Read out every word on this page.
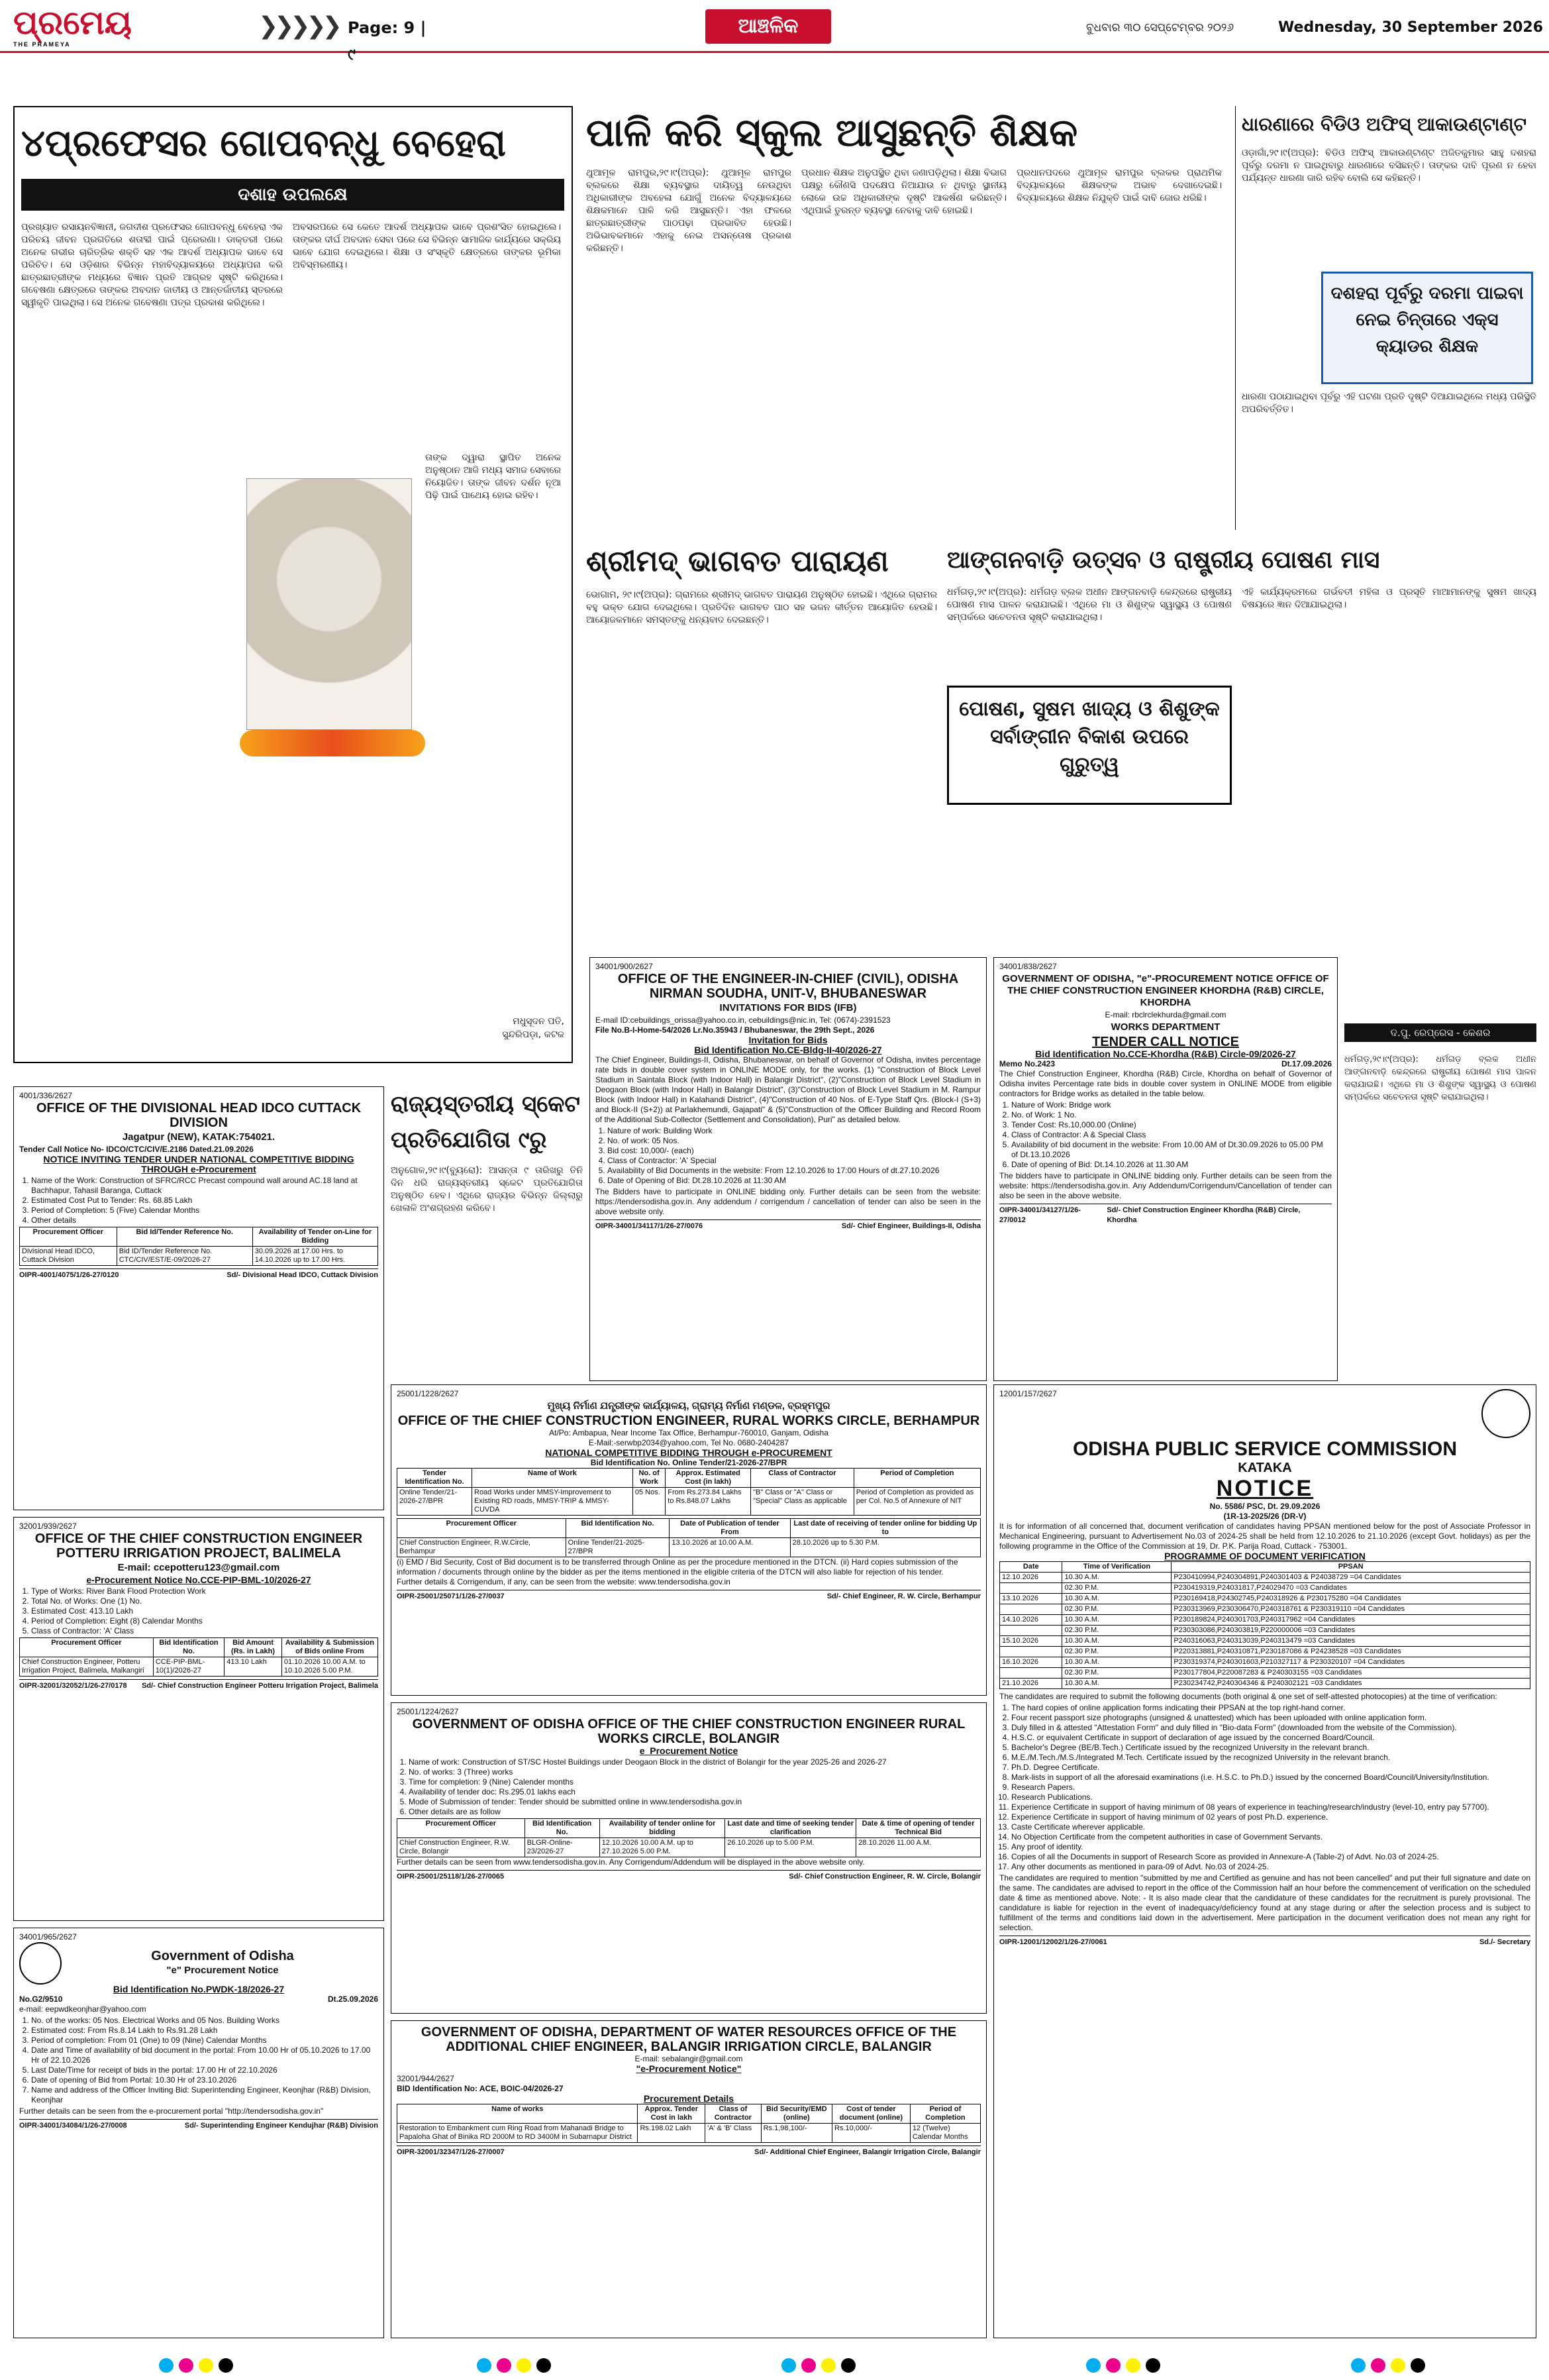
ପ୍ରମେୟ
THE PRAMEYA
❯❯❯❯❯ Page: 9 | ୯
ଆଞ୍ଚଳିକ	ବୁଧବାର ୩୦ ସେପ୍ଟେମ୍ବର ୨୦୨୬	Wednesday, 30 September 2026
୪ପ୍ରଫେସର ଗୋପବନ୍ଧୁ ବେହେରା
ଦଶାହ ଉପଲକ୍ଷେ
ପ୍ରଖ୍ୟାତ ରସାୟନବିଜ୍ଞାନୀ, ଜଗଦୀଶ ପ୍ରଫେସର ଗୋପବନ୍ଧୁ ବେହେରା ଏକ ପରିଚୟ ଜୀବନ ପ୍ରଗତିରେ ଶତାବ୍ଦୀ ପାଇଁ ପ୍ରେରଣା। ଡାକ୍ତରୀ ପରେ ଅନେକ ଗଭୀର ଚାରିତ୍ରିକ ଶକ୍ତି ସହ ଏକ ଆଦର୍ଶ ଅଧ୍ୟାପକ ଭାବେ ସେ ପରିଚିତ। ସେ ଓଡ଼ିଶାର ବିଭିନ୍ନ ମହାବିଦ୍ୟାଳୟରେ ଅଧ୍ୟାପନା କରି ଛାତ୍ରଛାତ୍ରୀଙ୍କ ମଧ୍ୟରେ ବିଜ୍ଞାନ ପ୍ରତି ଆଗ୍ରହ ସୃଷ୍ଟି କରିଥିଲେ। ଗବେଷଣା କ୍ଷେତ୍ରରେ ତାଙ୍କର ଅବଦାନ ଜାତୀୟ ଓ ଆନ୍ତର୍ଜାତୀୟ ସ୍ତରରେ ସ୍ୱୀକୃତି ପାଇଥିଲା। ସେ ଅନେକ ଗବେଷଣା ପତ୍ର ପ୍ରକାଶ କରିଥିଲେ।
ଅବସରପରେ ସେ କେତେ ଆଦର୍ଶ ଅଧ୍ୟାପକ ଭାବେ ପ୍ରଶଂସିତ ହୋଇଥିଲେ। ତାଙ୍କର ଦୀର୍ଘ ଅବଦାନ ସେବା ପରେ ସେ ବିଭିନ୍ନ ସାମାଜିକ କାର୍ଯ୍ୟରେ ସକ୍ରିୟ ଭାବେ ଯୋଗ ଦେଇଥିଲେ। ଶିକ୍ଷା ଓ ସଂସ୍କୃତି କ୍ଷେତ୍ରରେ ତାଙ୍କର ଭୂମିକା ଅବିସ୍ମରଣୀୟ।
ତାଙ୍କ ଦ୍ୱାରା ସ୍ଥାପିତ ଅନେକ ଅନୁଷ୍ଠାନ ଆଜି ମଧ୍ୟ ସମାଜ ସେବାରେ ନିୟୋଜିତ। ତାଙ୍କ ଜୀବନ ଦର୍ଶନ ନୂଆ ପିଢ଼ି ପାଇଁ ପାଥେୟ ହୋଇ ରହିବ।
ମଧୁସୂଦନ ପତି,
ସୁନ୍ଦରିପଡ଼ା, କଟକ
ପାଳି କରି ସ୍କୁଲ ଆସୁଛନ୍ତି ଶିକ୍ଷକ
ଥୁଆମୂଳ ରାମପୁର,୨୯।୯(ଅପ୍ର): ଥୁଆମୂଳ ରାମପୁର ବ୍ଲକରେ ଶିକ୍ଷା ବ୍ୟବସ୍ଥାର ଦାୟିତ୍ୱ ନେଉଥିବା ଅଧିକାରୀଙ୍କ ଅବହେଳା ଯୋଗୁଁ ଅନେକ ବିଦ୍ୟାଳୟରେ ଶିକ୍ଷକମାନେ ପାଳି କରି ଆସୁଛନ୍ତି। ଏହା ଫଳରେ ଛାତ୍ରଛାତ୍ରୀଙ୍କ ପାଠପଢ଼ା ପ୍ରଭାବିତ ହେଉଛି। ଅଭିଭାବକମାନେ ଏହାକୁ ନେଇ ଅସନ୍ତୋଷ ପ୍ରକାଶ କରିଛନ୍ତି।
ପ୍ରଧାନ ଶିକ୍ଷକ ଅନୁପସ୍ଥିତ ଥିବା ଜଣାପଡ଼ିଥିଲା। ଶିକ୍ଷା ବିଭାଗ ପକ୍ଷରୁ କୌଣସି ପଦକ୍ଷେପ ନିଆଯାଉ ନ ଥିବାରୁ ସ୍ଥାନୀୟ ଲୋକେ ଉଚ୍ଚ ଅଧିକାରୀଙ୍କ ଦୃଷ୍ଟି ଆକର୍ଷଣ କରିଛନ୍ତି। ଏଥିପାଇଁ ତୁରନ୍ତ ବ୍ୟବସ୍ଥା ନେବାକୁ ଦାବି ହୋଇଛି।
ପ୍ରଧାନପଦରେ ଥୁଆମୂଳ ରାମପୁର ବ୍ଲକର ପ୍ରାଥମିକ ବିଦ୍ୟାଳୟରେ ଶିକ୍ଷକଙ୍କ ଅଭାବ ଦେଖାଦେଇଛି। ବିଦ୍ୟାଳୟରେ ଶିକ୍ଷକ ନିଯୁକ୍ତି ପାଇଁ ଦାବି ଜୋର ଧରିଛି।
ଧାରଣାରେ ବିଡିଓ ଅଫିସ୍ ଆକାଉଣ୍ଟାଣ୍ଟ
ଓଡ଼ାଗାଁ,୨୯।୯(ଅପ୍ର): ବିଡିଓ ଅଫିସ୍ ଆକାଉଣ୍ଟାଣ୍ଟ ଅଜିତକୁମାର ସାହୁ ଦଶହରା ପୂର୍ବରୁ ଦରମା ନ ପାଇଥିବାରୁ ଧାରଣାରେ ବସିଛନ୍ତି। ତାଙ୍କର ଦାବି ପୂରଣ ନ ହେବା ପର୍ଯ୍ୟନ୍ତ ଧାରଣା ଜାରି ରହିବ ବୋଲି ସେ କହିଛନ୍ତି।
ଦଶହରା ପୂର୍ବରୁ ଦରମା ପାଇବା ନେଇ ଚିନ୍ତାରେ ଏକ୍ସ କ୍ୟାଡର ଶିକ୍ଷକ
ଧାରଣା ପଠାଯାଇଥିବା ପୂର୍ବରୁ ଏହି ଘଟଣା ପ୍ରତି ଦୃଷ୍ଟି ଦିଆଯାଇଥିଲେ ମଧ୍ୟ ପରିସ୍ଥିତି ଅପରିବର୍ତ୍ତିତ।
ଶ୍ରୀମଦ୍ ଭାଗବତ ପାରାୟଣ
ଭୋଗାମ, ୨୯।୯(ଅପ୍ର): ଗ୍ରାମରେ ଶ୍ରୀମଦ୍ ଭାଗବତ ପାରାୟଣ ଅନୁଷ୍ଠିତ ହୋଇଛି। ଏଥିରେ ଗ୍ରାମର ବହୁ ଭକ୍ତ ଯୋଗ ଦେଇଥିଲେ। ପ୍ରତିଦିନ ଭାଗବତ ପାଠ ସହ ଭଜନ କୀର୍ତ୍ତନ ଆୟୋଜିତ ହେଉଛି। ଆୟୋଜକମାନେ ସମସ୍ତଙ୍କୁ ଧନ୍ୟବାଦ ଦେଇଛନ୍ତି।
ଆଙ୍ଗନବାଡ଼ି ଉତ୍ସବ ଓ ରାଷ୍ଟ୍ରୀୟ ପୋଷଣ ମାସ
ଧର୍ମଗଡ଼,୨୯।୯(ଅପ୍ର): ଧର୍ମଗଡ଼ ବ୍ଲକ ଅଧୀନ ଆଙ୍ଗନବାଡ଼ି କେନ୍ଦ୍ରରେ ରାଷ୍ଟ୍ରୀୟ ପୋଷଣ ମାସ ପାଳନ କରାଯାଇଛି। ଏଥିରେ ମା ଓ ଶିଶୁଙ୍କ ସ୍ୱାସ୍ଥ୍ୟ ଓ ପୋଷଣ ସମ୍ପର୍କରେ ସଚେତନତା ସୃଷ୍ଟି କରାଯାଇଥିଲା।
ପୋଷଣ, ସୁଷମ ଖାଦ୍ୟ ଓ ଶିଶୁଙ୍କ ସର୍ବାଙ୍ଗୀନ ବିକାଶ ଉପରେ ଗୁରୁତ୍ୱ
ଏହି କାର୍ଯ୍ୟକ୍ରମରେ ଗର୍ଭବତୀ ମହିଳା ଓ ପ୍ରସୂତି ମାଆମାନଙ୍କୁ ସୁଷମ ଖାଦ୍ୟ ବିଷୟରେ ଜ୍ଞାନ ଦିଆଯାଇଥିଲା।
ଦ.ପୁ. ରେପ୍ରେସ - କେଶର
ରାଜ୍ୟସ୍ତରୀୟ ସ୍କେଟ ପ୍ରତିଯୋଗିତା ୯ରୁ
ଅନୁଗୋଳ,୨୯।୯(ବ୍ୟୁରୋ): ଆସନ୍ତା ୯ ତାରିଖରୁ ତିନି ଦିନ ଧରି ରାଜ୍ୟସ୍ତରୀୟ ସ୍କେଟ ପ୍ରତିଯୋଗିତା ଅନୁଷ୍ଠିତ ହେବ। ଏଥିରେ ରାଜ୍ୟର ବିଭିନ୍ନ ଜିଲ୍ଲାରୁ ଖେଳାଳି ଅଂଶଗ୍ରହଣ କରିବେ।
4001/336/2627
OFFICE OF THE DIVISIONAL HEAD IDCO CUTTACK DIVISION
Jagatpur (NEW), KATAK:754021.
Tender Call Notice No- IDCO/CTC/CIV/E.2186 Dated.21.09.2026
NOTICE INVITING TENDER UNDER NATIONAL COMPETITIVE BIDDING THROUGH e-Procurement
1. Name of the Work: Construction of SFRC/RCC Precast compound wall around AC.18 land at Bachhapur, Tahasil Baranga, Cuttack
2. Estimated Cost Put to Tender: Rs. 68.85 Lakh
3. Period of Completion: 5 (Five) Calendar Months
4. Other details
Procurement Officer	Bid Id/Tender Reference No.	Availability of Tender on-Line for Bidding
Divisional Head IDCO, Cuttack Division	Bid ID/Tender Reference No. CTC/CIV/EST/E-09/2026-27	30.09.2026 at 17.00 Hrs. to 14.10.2026 up to 17.00 Hrs.
OIPR-4001/4075/1/26-27/0120	Sd/- Divisional Head IDCO, Cuttack Division
32001/939/2627
OFFICE OF THE CHIEF CONSTRUCTION ENGINEER POTTERU IRRIGATION PROJECT, BALIMELA
E-mail: ccepotteru123@gmail.com
e-Procurement Notice No.CCE-PIP-BML-10/2026-27
1. Type of Works: River Bank Flood Protection Work
2. Total No. of Works: One (1) No.
3. Estimated Cost: 413.10 Lakh
4. Period of Completion: Eight (8) Calendar Months
5. Class of Contractor: 'A' Class
Procurement Officer	Bid Identification No.	Bid Amount (Rs. in Lakh)	Availability & Submission of Bids online From
Chief Construction Engineer, Potteru Irrigation Project, Balimela, Malkangiri	CCE-PIP-BML-10(1)/2026-27	413.10 Lakh	01.10.2026 10.00 A.M. to 10.10.2026 5.00 P.M.
OIPR-32001/32052/1/26-27/0178 Sd/- Chief Construction Engineer Potteru Irrigation Project, Balimela
34001/965/2627
Government of Odisha
"e" Procurement Notice
Bid Identification No.PWDK-18/2026-27
No.G2/9510	Dt.25.09.2026
e-mail: eepwdkeonjhar@yahoo.com
1. No. of the works: 05 Nos. Electrical Works and 05 Nos. Building Works
2. Estimated cost: From Rs.8.14 Lakh to Rs.91.28 Lakh
3. Period of completion: From 01 (One) to 09 (Nine) Calendar Months
4. Date and Time of availability of bid document in the portal: From 10.00 Hr of 05.10.2026 to 17.00 Hr of 22.10.2026
5. Last Date/Time for receipt of bids in the portal: 17.00 Hr of 22.10.2026
6. Date of opening of Bid from Portal: 10.30 Hr of 23.10.2026
7. Name and address of the Officer Inviting Bid: Superintending Engineer, Keonjhar (R&B) Division, Keonjhar
Further details can be seen from the e-procurement portal "http://tendersodisha.gov.in"
OIPR-34001/34084/1/26-27/0008	Sd/- Superintending Engineer Kendujhar (R&B) Division
34001/900/2627
OFFICE OF THE ENGINEER-IN-CHIEF (CIVIL), ODISHA NIRMAN SOUDHA, UNIT-V, BHUBANESWAR
INVITATIONS FOR BIDS (IFB)
E-mail ID:cebuildings_orissa@yahoo.co.in, cebuildings@nic.in, Tel: (0674)-2391523
File No.B-I-Home-54/2026 Lr.No.35943 / Bhubaneswar, the 29th Sept., 2026
Invitation for Bids
Bid Identification No.CE-Bldg-II-40/2026-27
The Chief Engineer, Buildings-II, Odisha, Bhubaneswar, on behalf of Governor of Odisha, invites percentage rate bids in double cover system in ONLINE MODE only, for the works. (1) "Construction of Block Level Stadium in Saintala Block (with Indoor Hall) in Balangir District", (2)"Construction of Block Level Stadium in Deogaon Block (with Indoor Hall) in Balangir District", (3)"Construction of Block Level Stadium in M. Rampur Block (with Indoor Hall) in Kalahandi District", (4)"Construction of 40 Nos. of E-Type Staff Qrs. (Block-I (S+3) and Block-II (S+2)) at Parlakhemundi, Gajapati" & (5)"Construction of the Officer Building and Record Room of the Additional Sub-Collector (Settlement and Consolidation), Puri" as detailed below.
1. Nature of work: Building Work
2. No. of work: 05 Nos.
3. Bid cost: 10,000/- (each)
4. Class of Contractor: 'A' Special
5. Availability of Bid Documents in the website: From 12.10.2026 to 17:00 Hours of dt.27.10.2026
6. Date of Opening of Bid: Dt.28.10.2026 at 11:30 AM
The Bidders have to participate in ONLINE bidding only. Further details can be seen from the website: https://tendersodisha.gov.in. Any addendum / corrigendum / cancellation of tender can also be seen in the above website only.
OIPR-34001/34117/1/26-27/0076	Sd/- Chief Engineer, Buildings-II, Odisha
34001/838/2627
GOVERNMENT OF ODISHA, "e"-PROCUREMENT NOTICE OFFICE OF THE CHIEF CONSTRUCTION ENGINEER KHORDHA (R&B) CIRCLE, KHORDHA
E-mail: rbclrclekhurda@gmail.com
WORKS DEPARTMENT
TENDER CALL NOTICE
Bid Identification No.CCE-Khordha (R&B) Circle-09/2026-27
Memo No.2423	Dt.17.09.2026
The Chief Construction Engineer, Khordha (R&B) Circle, Khordha on behalf of Governor of Odisha invites Percentage rate bids in double cover system in ONLINE MODE from eligible contractors for Bridge works as detailed in the table below.
1. Nature of Work: Bridge work
2. No. of Work: 1 No.
3. Tender Cost: Rs.10,000.00 (Online)
4. Class of Contractor: A & Special Class
5. Availability of bid document in the website: From 10.00 AM of Dt.30.09.2026 to 05.00 PM of Dt.13.10.2026
6. Date of opening of Bid: Dt.14.10.2026 at 11.30 AM
The bidders have to participate in ONLINE bidding only. Further details can be seen from the website: https://tendersodisha.gov.in. Any Addendum/Corrigendum/Cancellation of tender can also be seen in the above website.
OIPR-34001/34127/1/26-27/0012
Sd/- Chief Construction Engineer Khordha (R&B) Circle, Khordha
ଧର୍ମଗଡ଼,୨୯।୯(ଅପ୍ର): ଧର୍ମଗଡ଼ ବ୍ଲକ ଅଧୀନ ଆଙ୍ଗନବାଡ଼ି କେନ୍ଦ୍ରରେ ରାଷ୍ଟ୍ରୀୟ ପୋଷଣ ମାସ ପାଳନ କରାଯାଇଛି। ଏଥିରେ ମା ଓ ଶିଶୁଙ୍କ ସ୍ୱାସ୍ଥ୍ୟ ଓ ପୋଷଣ ସମ୍ପର୍କରେ ସଚେତନତା ସୃଷ୍ଟି କରାଯାଇଥିଲା।
25001/1228/2627
ମୁଖ୍ୟ ନିର୍ମାଣ ଯନ୍ତ୍ରୀଙ୍କ କାର୍ଯ୍ୟାଳୟ, ଗ୍ରାମ୍ୟ ନିର୍ମାଣ ମଣ୍ଡଳ, ବ୍ରହ୍ମପୁର
OFFICE OF THE CHIEF CONSTRUCTION ENGINEER, RURAL WORKS CIRCLE, BERHAMPUR
At/Po: Ambapua, Near Income Tax Office, Berhampur-760010, Ganjam, Odisha
E-Mail:-serwbp2034@yahoo.com, Tel No. 0680-2404287
NATIONAL COMPETITIVE BIDDING THROUGH e-PROCUREMENT
Bid Identification No. Online Tender/21-2026-27/BPR
Tender Identification No.	Name of Work	No. of Work	Approx. Estimated Cost (in lakh)	Class of Contractor	Period of Completion
Online Tender/21-2026-27/BPR	Road Works under MMSY-Improvement to Existing RD roads, MMSY-TRIP & MMSY-CUVDA	05 Nos.	From Rs.273.84 Lakhs to Rs.848.07 Lakhs	"B" Class or "A" Class or "Special" Class as applicable	Period of Completion as provided as per Col. No.5 of Annexure of NIT
Procurement Officer	Bid Identification No.	Date of Publication of tender From	Last date of receiving of tender online for bidding Up to
Chief Construction Engineer, R.W.Circle, Berhampur	Online Tender/21-2025-27/BPR	13.10.2026 at 10.00 A.M.	28.10.2026 up to 5.30 P.M.
(i) EMD / Bid Security, Cost of Bid document is to be transferred through Online as per the procedure mentioned in the DTCN. (ii) Hard copies submission of the information / documents through online by the bidder as per the items mentioned in the eligible criteria of the DTCN will also liable for rejection of his tender.
Further details & Corrigendum, if any, can be seen from the website: www.tendersodisha.gov.in
OIPR-25001/25071/1/26-27/0037	Sd/- Chief Engineer, R. W. Circle, Berhampur
25001/1224/2627
GOVERNMENT OF ODISHA OFFICE OF THE CHIEF CONSTRUCTION ENGINEER RURAL WORKS CIRCLE, BOLANGIR
e_Procurement Notice
1. Name of work: Construction of ST/SC Hostel Buildings under Deogaon Block in the district of Bolangir for the year 2025-26 and 2026-27
2. No. of works: 3 (Three) works
3. Time for completion: 9 (Nine) Calender months
4. Availability of tender doc: Rs.295.01 lakhs each
5. Mode of Submission of tender: Tender should be submitted online in www.tendersodisha.gov.in
6. Other details are as follow
Procurement Officer	Bid Identification No.	Availability of tender online for bidding	Last date and time of seeking tender clarification	Date & time of opening of tender Technical Bid
Chief Construction Engineer, R.W. Circle, Bolangir	BLGR-Online-23/2026-27	12.10.2026 10.00 A.M. up to 27.10.2026 5.00 P.M.	26.10.2026 up to 5.00 P.M.	28.10.2026 11.00 A.M.
Further details can be seen from www.tendersodisha.gov.in. Any Corrigendum/Addendum will be displayed in the above website only.
OIPR-25001/25118/1/26-27/0065	Sd/- Chief Construction Engineer, R. W. Circle, Bolangir
GOVERNMENT OF ODISHA, DEPARTMENT OF WATER RESOURCES OFFICE OF THE ADDITIONAL CHIEF ENGINEER, BALANGIR IRRIGATION CIRCLE, BALANGIR
E-mail: sebalangir@gmail.com
"e-Procurement Notice"
32001/944/2627
BID Identification No: ACE, BOIC-04/2026-27
Procurement Details
Name of works	Approx. Tender Cost in lakh	Class of Contractor	Bid Security/EMD (online)	Cost of tender document (online)	Period of Completion
Restoration to Embankment cum Ring Road from Mahanadi Bridge to Papaloha Ghat of Binika RD 2000M to RD 3400M in Subarnapur District	Rs.198.02 Lakh	'A' & 'B' Class	Rs.1,98,100/-	Rs.10,000/-	12 (Twelve) Calendar Months
OIPR-32001/32347/1/26-27/0007	Sd/- Additional Chief Engineer, Balangir Irrigation Circle, Balangir
12001/157/2627
ODISHA PUBLIC SERVICE COMMISSION
KATAKA
NOTICE
No. 5586/ PSC, Dt. 29.09.2026
(1R-13-2025/26 (DR-V)
It is for information of all concerned that, document verification of candidates having PPSAN mentioned below for the post of Associate Professor in Mechanical Engineering, pursuant to Advertisement No.03 of 2024-25 shall be held from 12.10.2026 to 21.10.2026 (except Govt. holidays) as per the following programme in the Office of the Commission at 19, Dr. P.K. Parija Road, Cuttack - 753001.
PROGRAMME OF DOCUMENT VERIFICATION
Date	Time of Verification	PPSAN
12.10.2026	10.30 A.M.	P230410994,P240304891,P240301403 & P24038729 =04 Candidates
	02.30 P.M.	P230419319,P24031817,P24029470 =03 Candidates
13.10.2026	10.30 A.M.	P230169418,P24302745,P240318926 & P230175280 =04 Candidates
	02.30 P.M.	P230313969,P230306470,P240318761 & P230319110 =04 Candidates
14.10.2026	10.30 A.M.	P230189824,P240301703,P240317962 =04 Candidates
	02.30 P.M.	P230303086,P240303819,P220000006 =03 Candidates
15.10.2026	10.30 A.M.	P240316063,P240313039,P240313479 =03 Candidates
	02.30 P.M.	P220313881,P240310871,P230187086 & P24238528 =03 Candidates
16.10.2026	10.30 A.M.	P230319374,P240301603,P210327117 & P230320107 =04 Candidates
	02.30 P.M.	P230177804,P220087283 & P240303155 =03 Candidates
21.10.2026	10.30 A.M.	P230234742,P240304346 & P240302121 =03 Candidates
The candidates are required to submit the following documents (both original & one set of self-attested photocopies) at the time of verification:
1. The hard copies of online application forms indicating their PPSAN at the top right-hand corner.
2. Four recent passport size photographs (unsigned & unattested) which has been uploaded with online application form.
3. Duly filled in & attested "Attestation Form" and duly filled in "Bio-data Form" (downloaded from the website of the Commission).
4. H.S.C. or equivalent Certificate in support of declaration of age issued by the concerned Board/Council.
5. Bachelor's Degree (BE/B.Tech.) Certificate issued by the recognized University in the relevant branch.
6. M.E./M.Tech./M.S./Integrated M.Tech. Certificate issued by the recognized University in the relevant branch.
7. Ph.D. Degree Certificate.
8. Mark-lists in support of all the aforesaid examinations (i.e. H.S.C. to Ph.D.) issued by the concerned Board/Council/University/Institution.
9. Research Papers.
10. Research Publications.
11. Experience Certificate in support of having minimum of 08 years of experience in teaching/research/industry (level-10, entry pay 57700).
12. Experience Certificate in support of having minimum of 02 years of post Ph.D. experience.
13. Caste Certificate wherever applicable.
14. No Objection Certificate from the competent authorities in case of Government Servants.
15. Any proof of identity.
16. Copies of all the Documents in support of Research Score as provided in Annexure-A (Table-2) of Advt. No.03 of 2024-25.
17. Any other documents as mentioned in para-09 of Advt. No.03 of 2024-25.
The candidates are required to mention "submitted by me and Certified as genuine and has not been cancelled" and put their full signature and date on the same. The candidates are advised to report in the office of the Commission half an hour before the commencement of verification on the scheduled date & time as mentioned above. Note: - It is also made clear that the candidature of these candidates for the recruitment is purely provisional. The candidature is liable for rejection in the event of inadequacy/deficiency found at any stage during or after the selection process and is subject to fulfillment of the terms and conditions laid down in the advertisement. Mere participation in the document verification does not mean any right for selection.
OIPR-12001/12002/1/26-27/0061	Sd./- Secretary
